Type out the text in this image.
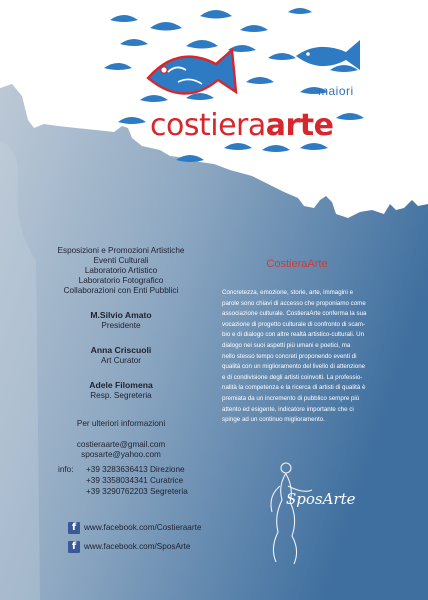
maiori
costieraarte
Esposizioni e Promozioni Artistiche
Eventi Culturali
Laboratorio Artistico
Laboratorio Fotografico
Collaborazioni con Enti Pubblici
M.Silvio Amato
Presidente
Anna Criscuoli
Art Curator
Adele Filomena
Resp. Segreteria
Per ulteriori informazioni
costieraarte@gmail.com
sposarte@yahoo.com
info:	+39 3283636413 Direzione
+39 3358034341 Curatrice
+39 3290762203 Segreteria
f www.facebook.com/Costieraarte
f www.facebook.com/SposArte
CostieraArte
Concretezza, emozione, storie, arte, immagini e
parole sono chiavi di accesso che proponiamo come
associazione culturale. CostieraArte conferma la sua
vocazione di progetto culturale di confronto di scam-
bio e di dialogo con altre realtà artistico-culturali. Un
dialogo nei suoi aspetti più umani e poetici, ma
nello stesso tempo concreti proponendo eventi di
qualità con un miglioramento del livello di attenzione
e di condivisione degli artisti coinvolti. La professio-
nalità la competenza e la ricerca di artisti di qualità è
premiata da un incremento di pubblico sempre più
attento ed esigente, indicatore importante che ci
spinge ad un continuo miglioramento.
SposArte
